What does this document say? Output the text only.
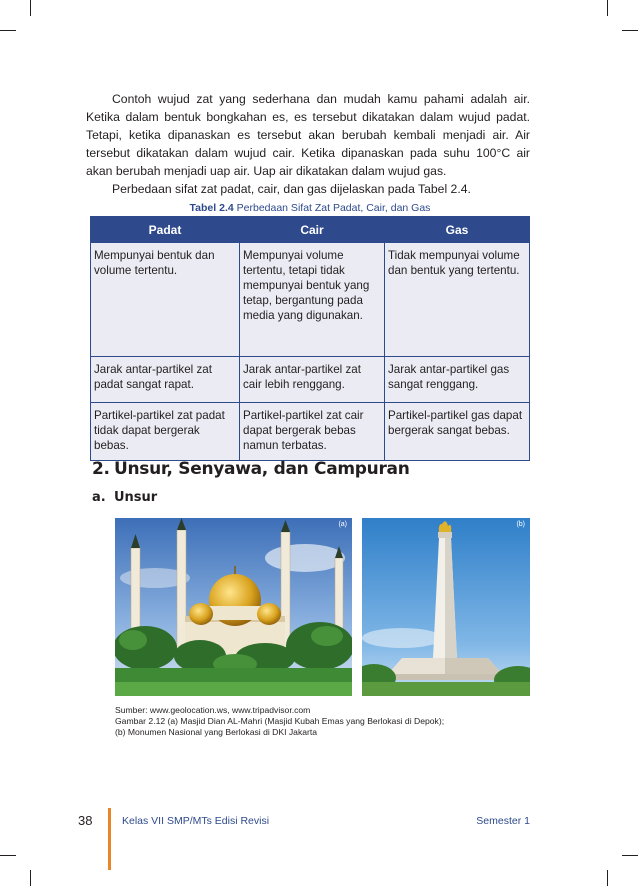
Contoh wujud zat yang sederhana dan mudah kamu pahami adalah air. Ketika dalam bentuk bongkahan es, es tersebut dikatakan dalam wujud padat. Tetapi, ketika dipanaskan es tersebut akan berubah kembali menjadi air. Air tersebut dikatakan dalam wujud cair. Ketika dipanaskan pada suhu 100°C air akan berubah menjadi uap air. Uap air dikatakan dalam wujud gas.

Perbedaan sifat zat padat, cair, dan gas dijelaskan pada Tabel 2.4.

Tabel 2.4 Perbedaan Sifat Zat Padat, Cair, dan Gas
Padat	Cair	Gas
Mempunyai bentuk dan volume tertentu.	Mempunyai volume tertentu, tetapi tidak mempunyai bentuk yang tetap, bergantung pada media yang digunakan.	Tidak mempunyai volume dan bentuk yang tertentu.
Jarak antar-partikel zat padat sangat rapat.	Jarak antar-partikel zat cair lebih renggang.	Jarak antar-partikel gas sangat renggang.
Partikel-partikel zat padat tidak dapat bergerak bebas.	Partikel-partikel zat cair dapat bergerak bebas namun terbatas.	Partikel-partikel gas dapat bergerak sangat bebas.
2. Unsur, Senyawa, dan Campuran
a. Unsur
(a)	(b)
Sumber: www.geolocation.ws, www.tripadvisor.com
Gambar 2.12 (a) Masjid Dian AL-Mahri (Masjid Kubah Emas yang Berlokasi di Depok);
(b) Monumen Nasional yang Berlokasi di DKI Jakarta
38	Kelas VII SMP/MTs Edisi Revisi	Semester 1
